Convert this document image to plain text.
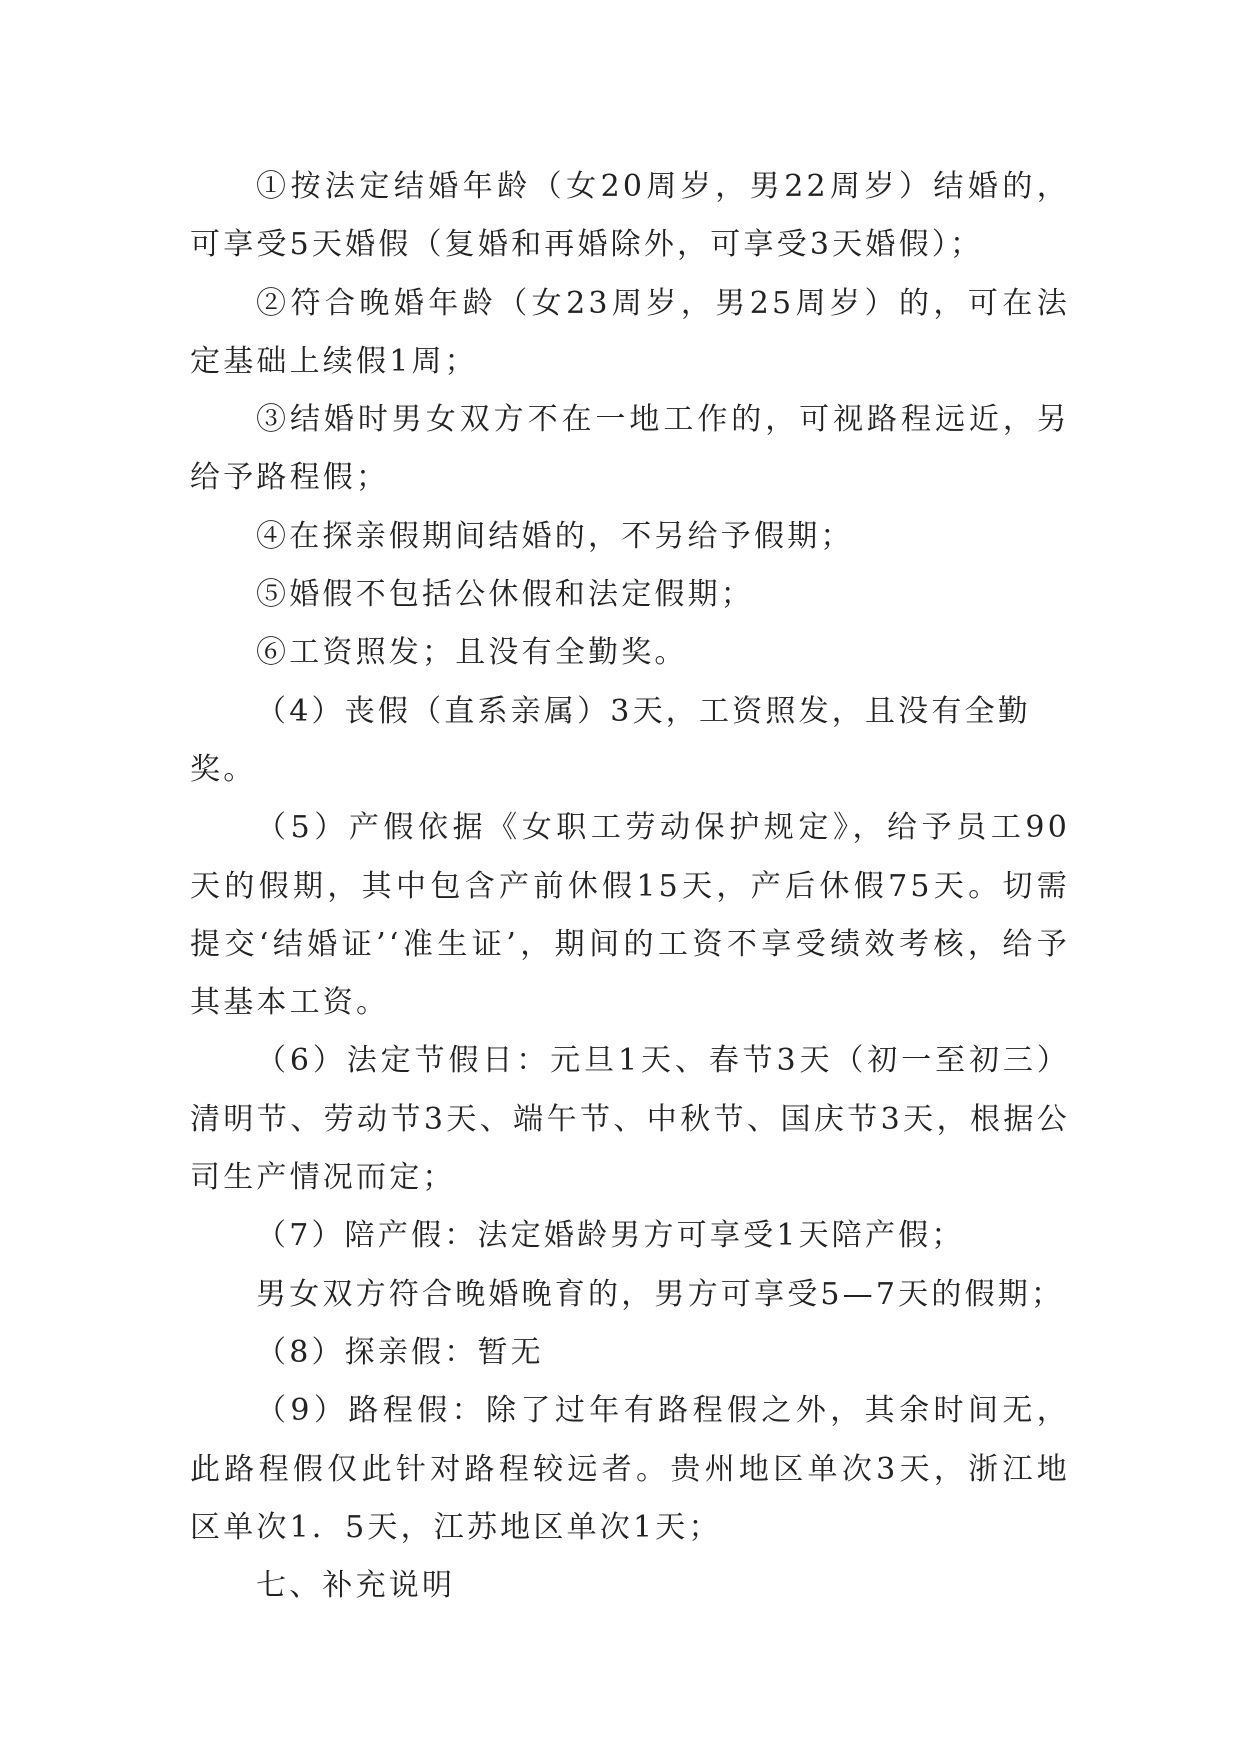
①按法定结婚年龄（女20周岁，男22周岁）结婚的，可享受5天婚假（复婚和再婚除外，可享受3天婚假）；

②符合晚婚年龄（女23周岁，男25周岁）的，可在法定基础上续假1周；

③结婚时男女双方不在一地工作的，可视路程远近，另给予路程假；

④在探亲假期间结婚的，不另给予假期；

⑤婚假不包括公休假和法定假期；

⑥工资照发；且没有全勤奖。

（4）丧假（直系亲属）3天，工资照发，且没有全勤奖。

（5）产假依据《女职工劳动保护规定》，给予员工90天的假期，其中包含产前休假15天，产后休假75天。切需提交‘结婚证’‘准生证’，期间的工资不享受绩效考核，给予其基本工资。

（6）法定节假日：元旦1天、春节3天（初一至初三）清明节、劳动节3天、端午节、中秋节、国庆节3天，根据公司生产情况而定；

（7）陪产假：法定婚龄男方可享受1天陪产假；

男女双方符合晚婚晚育的，男方可享受5—7天的假期；

（8）探亲假：暂无

（9）路程假：除了过年有路程假之外，其余时间无，此路程假仅此针对路程较远者。贵州地区单次3天，浙江地区单次1．5天，江苏地区单次1天；

七、补充说明
